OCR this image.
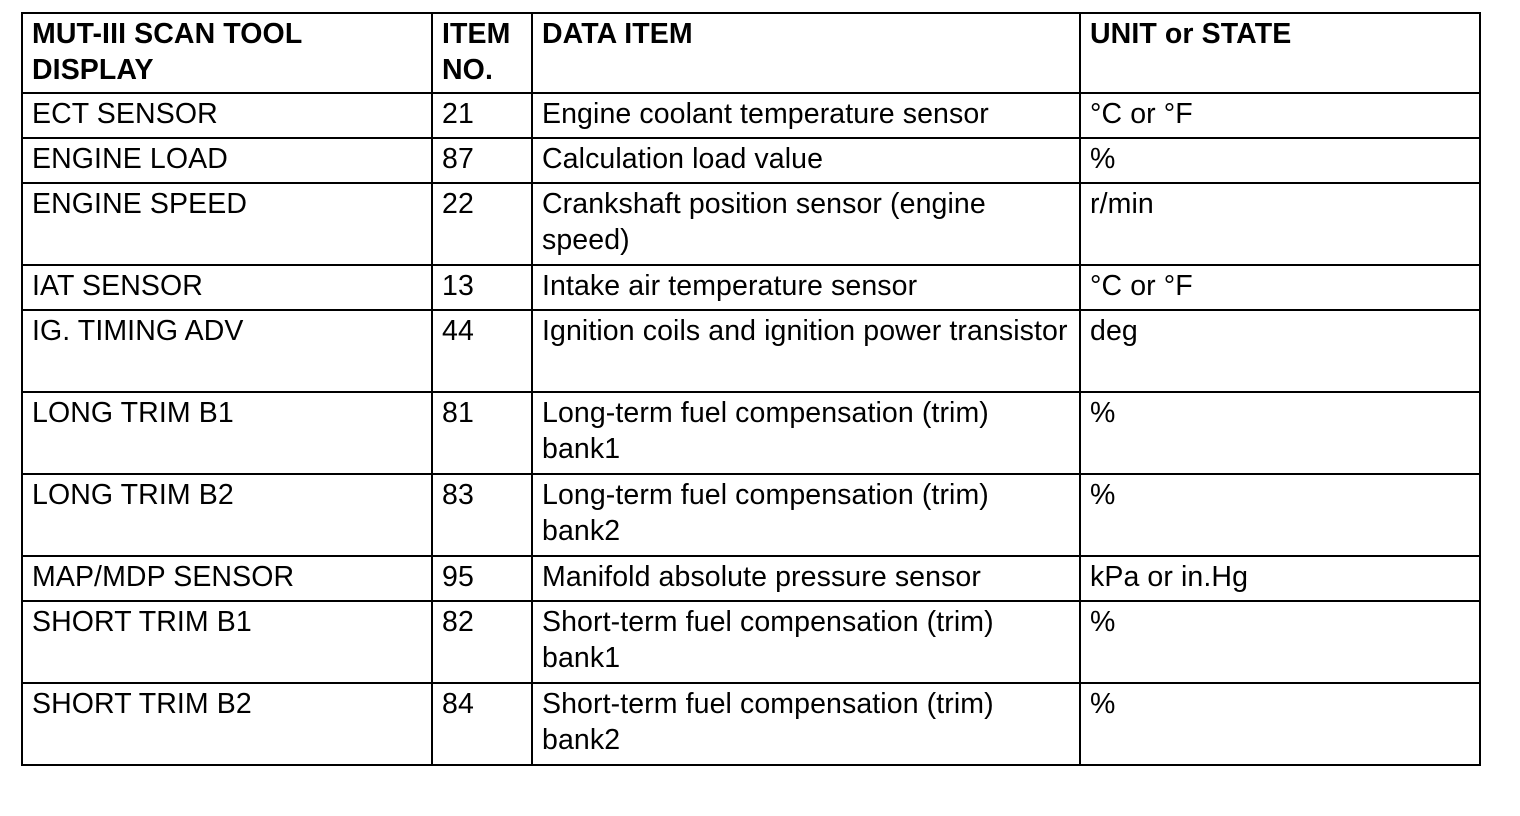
MUT-III SCAN TOOL DISPLAY	ITEM NO.	DATA ITEM	UNIT or STATE
ECT SENSOR	21	Engine coolant temperature sensor	°C or °F
ENGINE LOAD	87	Calculation load value	%
ENGINE SPEED	22	Crankshaft position sensor (engine speed)	r/min
IAT SENSOR	13	Intake air temperature sensor	°C or °F
IG. TIMING ADV	44	Ignition coils and ignition power transistor	deg
LONG TRIM B1	81	Long-term fuel compensation (trim) bank1	%
LONG TRIM B2	83	Long-term fuel compensation (trim) bank2	%
MAP/MDP SENSOR	95	Manifold absolute pressure sensor	kPa or in.Hg
SHORT TRIM B1	82	Short-term fuel compensation (trim) bank1	%
SHORT TRIM B2	84	Short-term fuel compensation (trim) bank2	%
